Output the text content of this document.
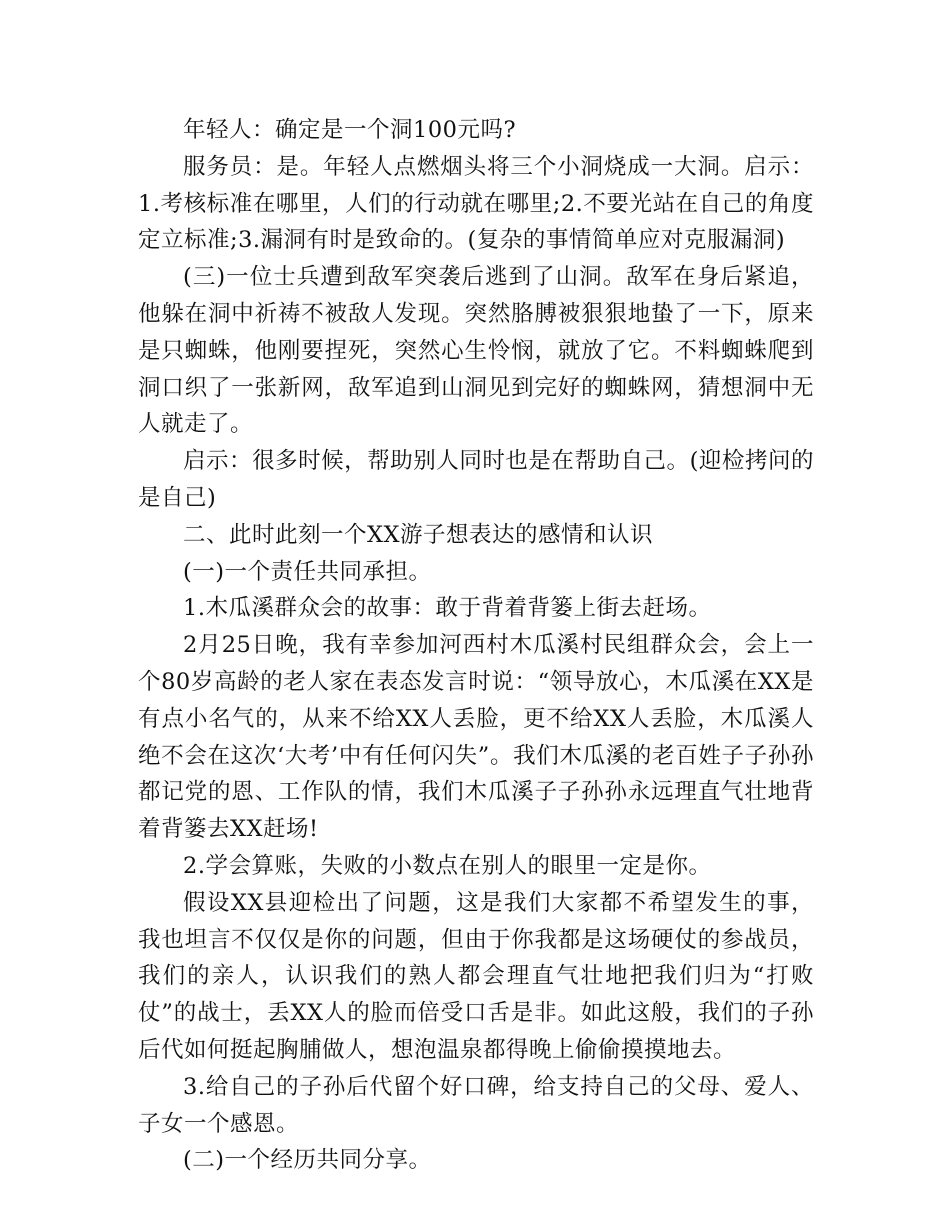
年轻人：确定是一个洞100元吗?

服务员：是。年轻人点燃烟头将三个小洞烧成一大洞。启示：1.考核标准在哪里，人们的行动就在哪里;2.不要光站在自己的角度定立标准;3.漏洞有时是致命的。(复杂的事情简单应对克服漏洞)

(三)一位士兵遭到敌军突袭后逃到了山洞。敌军在身后紧追，他躲在洞中祈祷不被敌人发现。突然胳膊被狠狠地蛰了一下，原来是只蜘蛛，他刚要捏死，突然心生怜悯，就放了它。不料蜘蛛爬到洞口织了一张新网，敌军追到山洞见到完好的蜘蛛网，猜想洞中无人就走了。

启示：很多时候，帮助别人同时也是在帮助自己。(迎检拷问的是自己)

二、此时此刻一个XX游子想表达的感情和认识

(一)一个责任共同承担。

1.木瓜溪群众会的故事：敢于背着背篓上街去赶场。

2月25日晚，我有幸参加河西村木瓜溪村民组群众会，会上一个80岁高龄的老人家在表态发言时说：“领导放心，木瓜溪在XX是有点小名气的，从来不给XX人丢脸，更不给XX人丢脸，木瓜溪人绝不会在这次‘大考’中有任何闪失”。我们木瓜溪的老百姓子子孙孙都记党的恩、工作队的情，我们木瓜溪子子孙孙永远理直气壮地背着背篓去XX赶场!

2.学会算账，失败的小数点在别人的眼里一定是你。

假设XX县迎检出了问题，这是我们大家都不希望发生的事，我也坦言不仅仅是你的问题，但由于你我都是这场硬仗的参战员，我们的亲人，认识我们的熟人都会理直气壮地把我们归为“打败仗”的战士，丢XX人的脸而倍受口舌是非。如此这般，我们的子孙后代如何挺起胸脯做人，想泡温泉都得晚上偷偷摸摸地去。

3.给自己的子孙后代留个好口碑，给支持自己的父母、爱人、子女一个感恩。

(二)一个经历共同分享。
